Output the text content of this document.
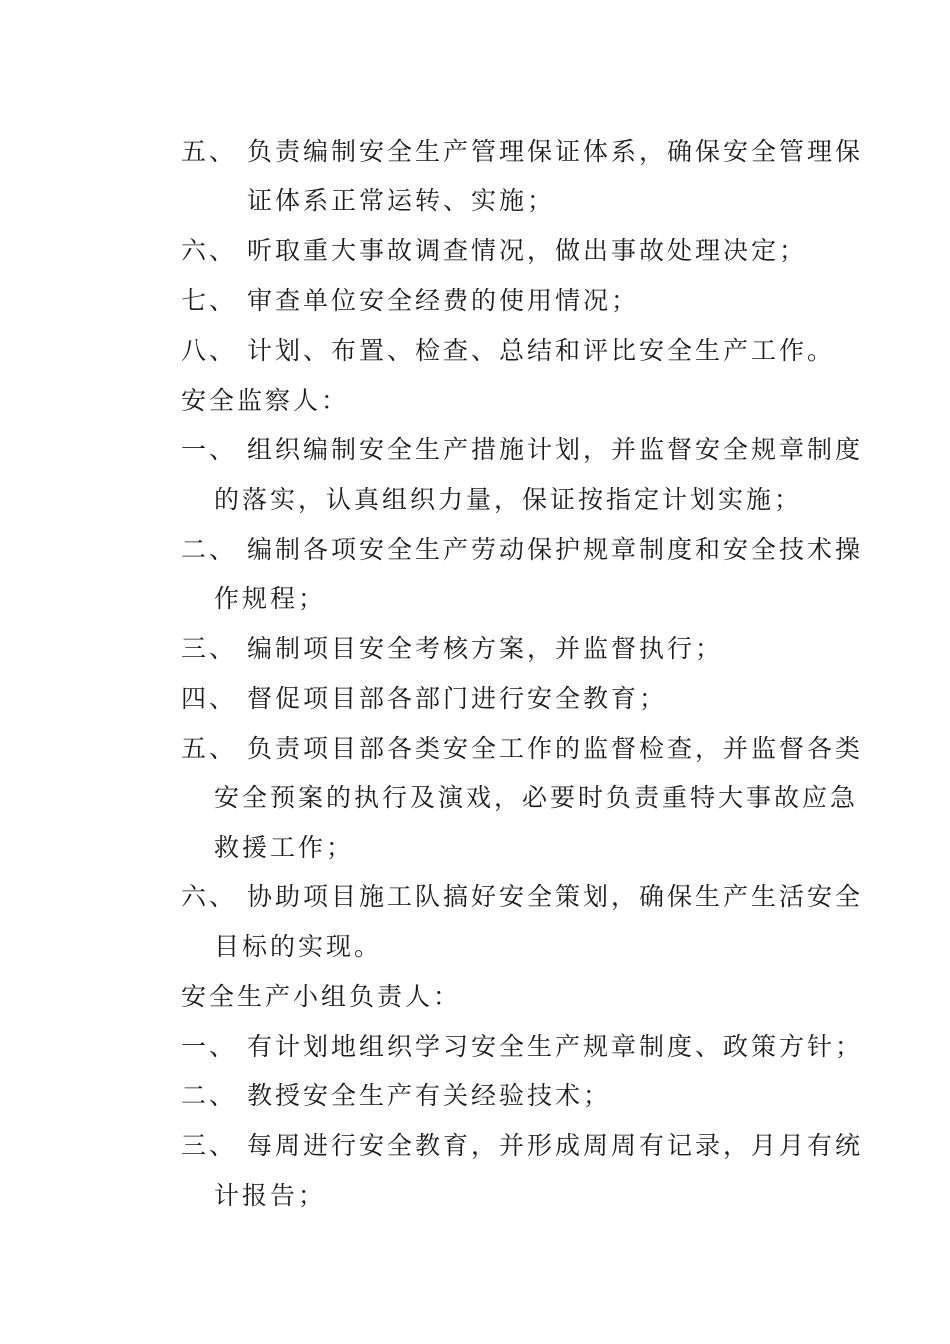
五、 负责编制安全生产管理保证体系，确保安全管理保
证体系正常运转、实施；
六、 听取重大事故调查情况，做出事故处理决定；
七、 审查单位安全经费的使用情况；
八、 计划、布置、检查、总结和评比安全生产工作。
安全监察人：
一、 组织编制安全生产措施计划，并监督安全规章制度
的落实，认真组织力量，保证按指定计划实施；
二、 编制各项安全生产劳动保护规章制度和安全技术操
作规程；
三、 编制项目安全考核方案，并监督执行；
四、 督促项目部各部门进行安全教育；
五、 负责项目部各类安全工作的监督检查，并监督各类
安全预案的执行及演戏，必要时负责重特大事故应急
救援工作；
六、 协助项目施工队搞好安全策划，确保生产生活安全
目标的实现。
安全生产小组负责人：
一、 有计划地组织学习安全生产规章制度、政策方针；
二、 教授安全生产有关经验技术；
三、 每周进行安全教育，并形成周周有记录，月月有统
计报告；
